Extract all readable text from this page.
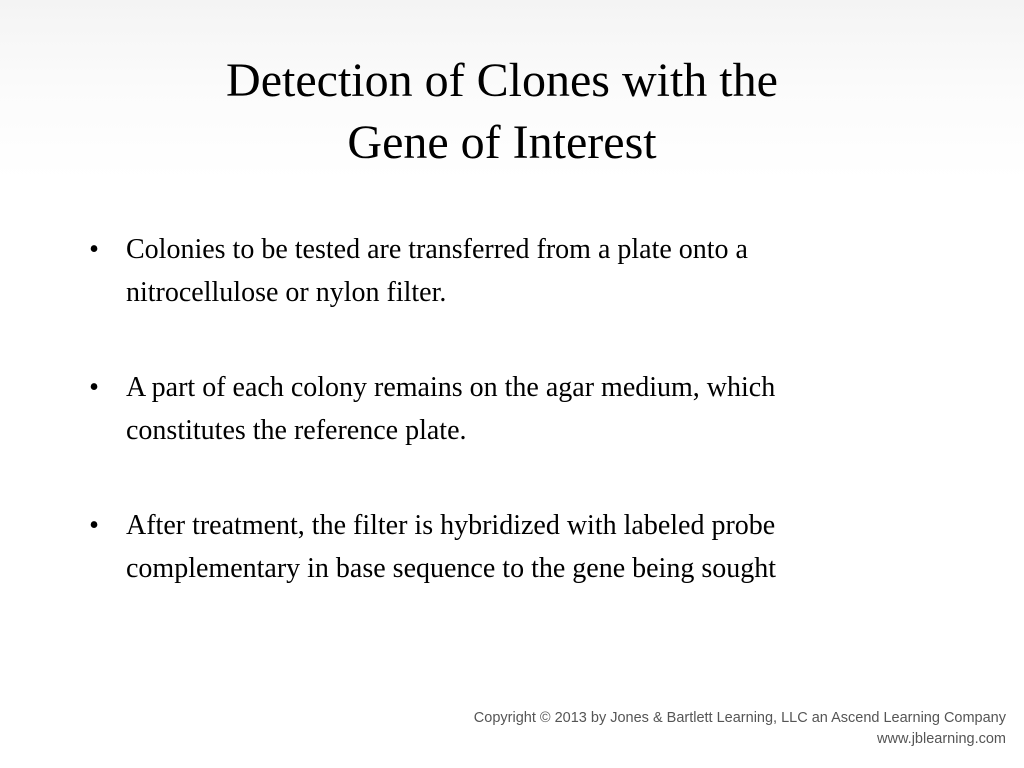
Detection of Clones with the
Gene of Interest
• Colonies to be tested are transferred from a plate onto a
nitrocellulose or nylon filter.
• A part of each colony remains on the agar medium, which
constitutes the reference plate.
• After treatment, the filter is hybridized with labeled probe
complementary in base sequence to the gene being sought
Copyright © 2013 by Jones & Bartlett Learning, LLC an Ascend Learning Company
www.jblearning.com
